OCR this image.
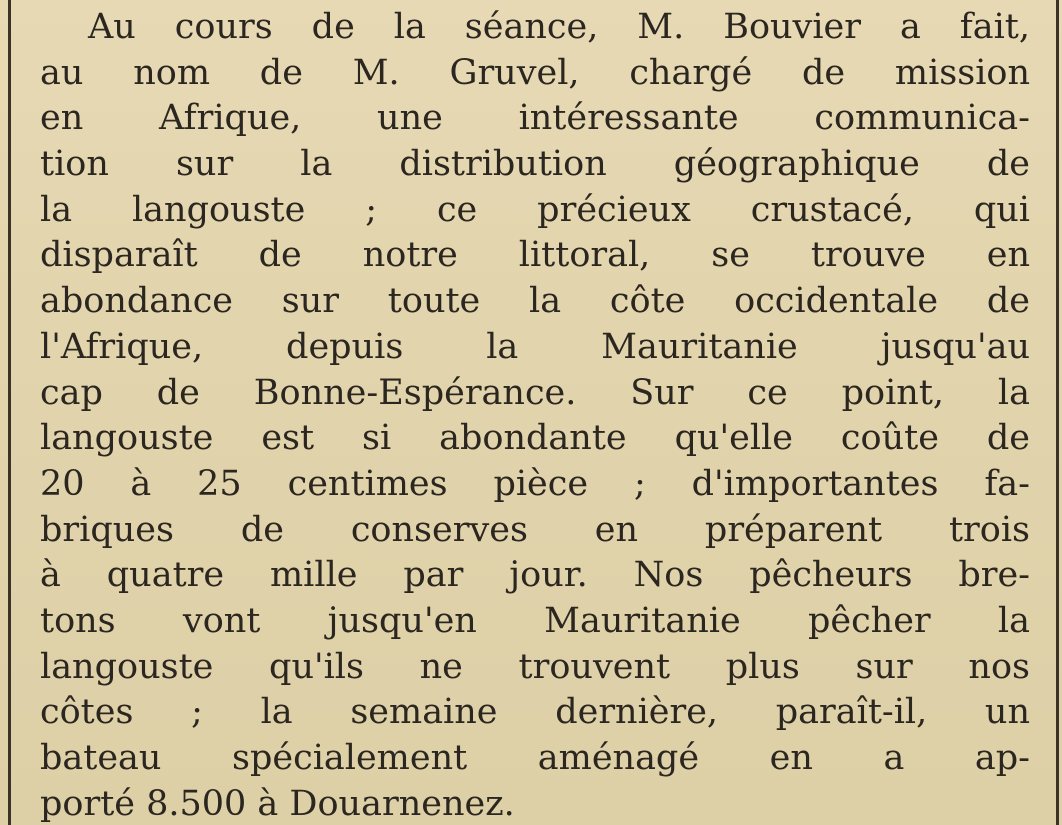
Au cours de la séance, M. Bouvier a fait,
au nom de M. Gruvel, chargé de mission
en Afrique, une intéressante communica-
tion sur la distribution géographique de
la langouste ; ce précieux crustacé, qui
disparaît de notre littoral, se trouve en
abondance sur toute la côte occidentale de
l'Afrique, depuis la Mauritanie jusqu'au
cap de Bonne-Espérance. Sur ce point, la
langouste est si abondante qu'elle coûte de
20 à 25 centimes pièce ; d'importantes fa-
briques de conserves en préparent trois
à quatre mille par jour. Nos pêcheurs bre-
tons vont jusqu'en Mauritanie pêcher la
langouste qu'ils ne trouvent plus sur nos
côtes ; la semaine dernière, paraît-il, un
bateau spécialement aménagé en a ap-
porté 8.500 à Douarnenez.
